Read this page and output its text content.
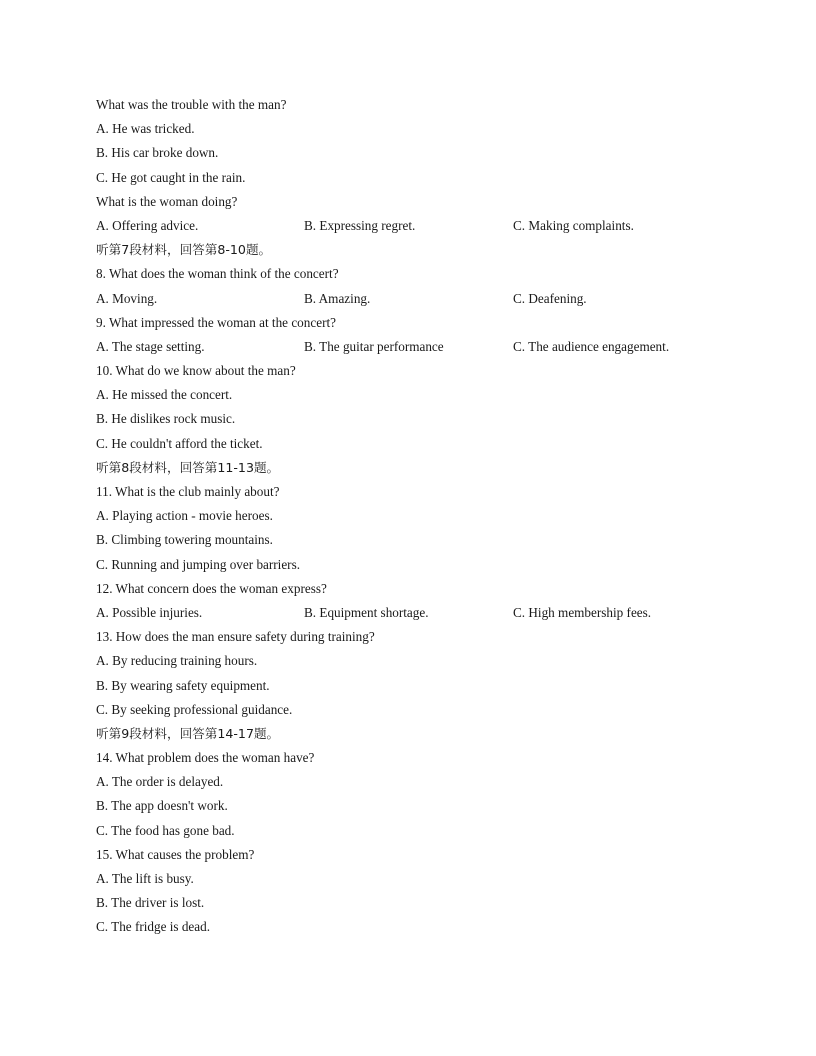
What was the trouble with the man?
A. He was tricked.
B. His car broke down.
C. He got caught in the rain.
What is the woman doing?
A. Offering advice.	B. Expressing regret.	C. Making complaints.
听第7段材料，回答第8-10题。
8. What does the woman think of the concert?
A. Moving.	B. Amazing.	C. Deafening.
9. What impressed the woman at the concert?
A. The stage setting.	B. The guitar performance	C. The audience engagement.
10. What do we know about the man?
A. He missed the concert.
B. He dislikes rock music.
C. He couldn't afford the ticket.
听第8段材料，回答第11-13题。
11. What is the club mainly about?
A. Playing action - movie heroes.
B. Climbing towering mountains.
C. Running and jumping over barriers.
12. What concern does the woman express?
A. Possible injuries.	B. Equipment shortage.	C. High membership fees.
13. How does the man ensure safety during training?
A. By reducing training hours.
B. By wearing safety equipment.
C. By seeking professional guidance.
听第9段材料，回答第14-17题。
14. What problem does the woman have?
A. The order is delayed.
B. The app doesn't work.
C. The food has gone bad.
15. What causes the problem?
A. The lift is busy.
B. The driver is lost.
C. The fridge is dead.
